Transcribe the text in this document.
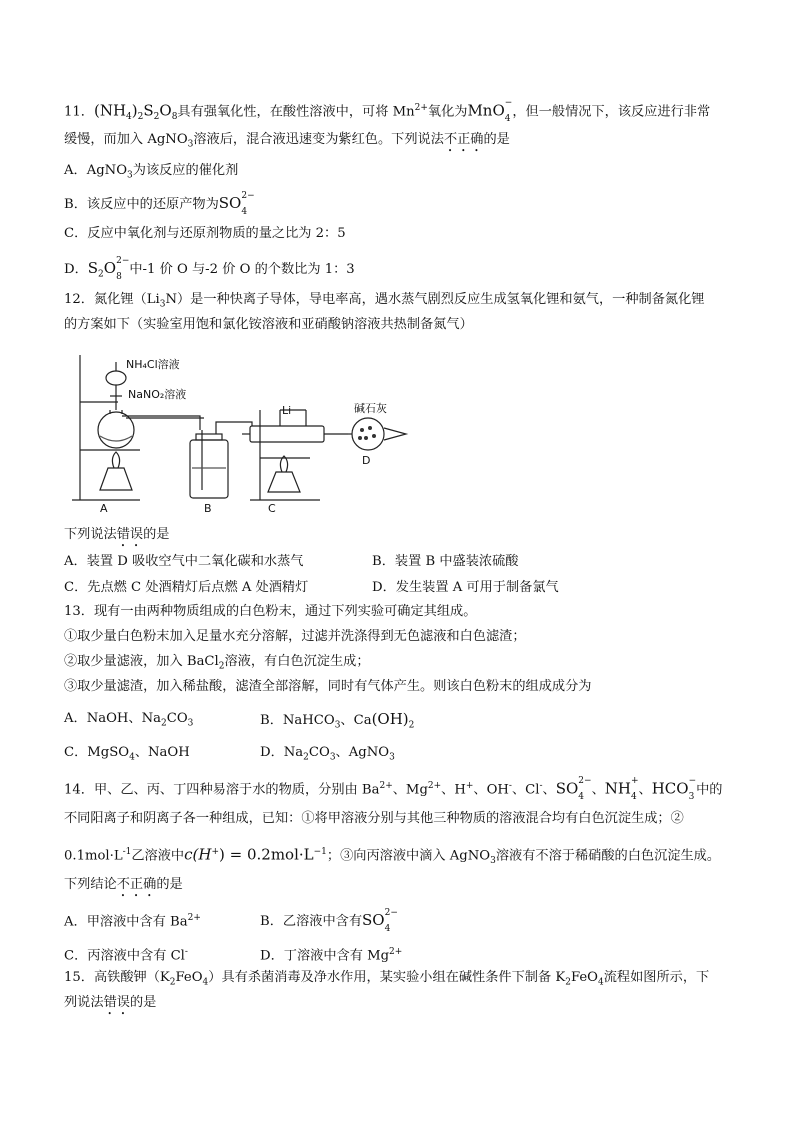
11．$(NH_4)_2S_2O_8$具有强氧化性，在酸性溶液中，可将 $Mn^{2+}$氧化为MnO−
$_4$ ，但一般情况下，该反应进行非常
缓慢，而加入 AgNO$_3$溶液后，混合液迅速变为紫红色。下列说法不正确的是
A．AgNO$_3$为该反应的催化剂
B．该反应中的还原产物为$SO^{2-}$
$_4$
C．反应中氧化剂与还原剂物质的量之比为 2：5
D．$S_2O^{2-}$
$_8$ 中-1 价 O 与-2 价 O 的个数比为 1：3
12．氮化锂$(Li_3N)$是一种快离子导体，导电率高，遇水蒸气剧烈反应生成氢氧化锂和氨气，一种制备氮化锂
的方案如下（实验室用饱和氯化铵溶液和亚硝酸钠溶液共热制备氮气）
NH₄Cl溶液
NaNO₂溶液
Li	碱石灰
A	B	C
D
下列说法错误的是
A．装置 D 吸收空气中二氧化碳和水蒸气	B．装置 B 中盛装浓硫酸
C．先点燃 C 处酒精灯后点燃 A 处酒精灯	D．发生装置 A 可用于制备氯气
13．现有一由两种物质组成的白色粉末，通过下列实验可确定其组成。
①取少量白色粉末加入足量水充分溶解，过滤并洗涤得到无色滤液和白色滤渣；
②取少量滤液，加入 BaCl$_2$溶液，有白色沉淀生成；
③取少量滤渣，加入稀盐酸，滤渣全部溶解，同时有气体产生。则该白色粉末的组成成分为
A．NaOH、$Na_2CO_3$	B．NaHCO$_3$、$Ca(OH)_2$
C．MgSO$_4$、NaOH	D．$Na_2CO_3$、AgNO$_3$
14．甲、乙、丙、丁四种易溶于水的物质，分别由 $Ba^{2+}$、$Mg^{2+}$、H+、OH-、Cl-、$SO^{2-}$
$_4$ 、NH+
$_4$ 、HCO−
$_3$ 中的
不同阳离子和阴离子各一种组成，已知：①将甲溶液分别与其他三种物质的溶液混合均有白色沉淀生成；②
$0.1mol\cdot L^{-1}$乙溶液中$c(H^+) = 0.2mol\cdot L^{-1}$；③向丙溶液中滴入 AgNO$_3$溶液有不溶于稀硝酸的白色沉淀生成。
下列结论不正确的是
A．甲溶液中含有 $Ba^{2+}$	B．乙溶液中含有$SO^{2-}$
$_4$
C．丙溶液中含有 Cl-	D．丁溶液中含有 $Mg^{2+}$
15．高铁酸钾$(K_2FeO_4)$具有杀菌消毒及净水作用，某实验小组在碱性条件下制备 $K_2FeO_4$流程如图所示，下
列说法错误的是
